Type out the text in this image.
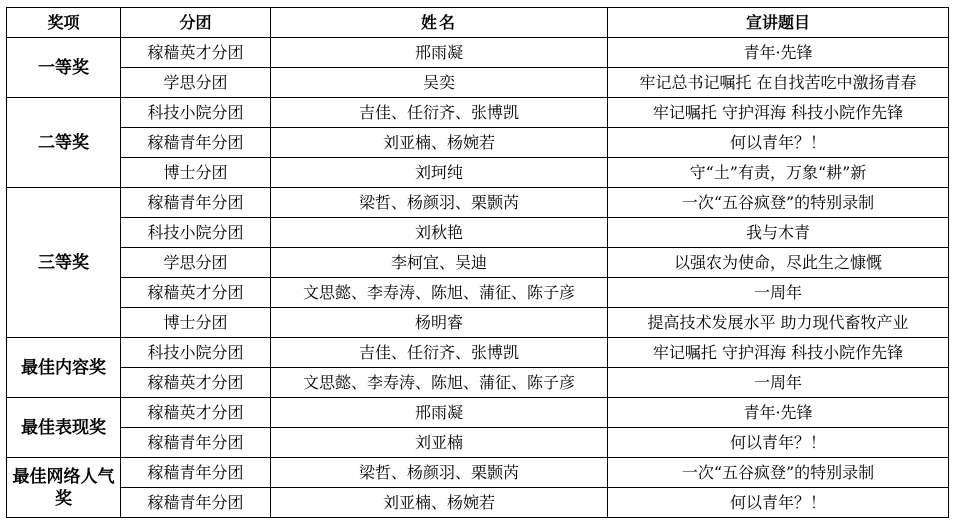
奖项	分团	姓名	宣讲题目
一等奖	稼穑英才分团	邢雨凝	青年·先锋
	学思分团	吴奕	牢记总书记嘱托 在自找苦吃中激扬青春
二等奖	科技小院分团	吉佳、任衍齐、张博凯	牢记嘱托 守护洱海 科技小院作先锋
	稼穑青年分团	刘亚楠、杨婉若	何以青年？！
	博士分团	刘珂纯	守“土”有责，万象“耕”新
三等奖	稼穑青年分团	梁哲、杨颜羽、栗颢芮	一次“五谷疯登”的特别录制
	科技小院分团	刘秋艳	我与木青
	学思分团	李柯宜、吴迪	以强农为使命，尽此生之慷慨
	稼穑英才分团	文思懿、李寿涛、陈旭、蒲征、陈子彦	一周年
	博士分团	杨明睿	提高技术发展水平 助力现代畜牧产业
最佳内容奖	科技小院分团	吉佳、任衍齐、张博凯	牢记嘱托 守护洱海 科技小院作先锋
	稼穑英才分团	文思懿、李寿涛、陈旭、蒲征、陈子彦	一周年
最佳表现奖	稼穑英才分团	邢雨凝	青年·先锋
	稼穑青年分团	刘亚楠	何以青年？！
最佳网络人气奖	稼穑青年分团	梁哲、杨颜羽、栗颢芮	一次“五谷疯登”的特别录制
	稼穑青年分团	刘亚楠、杨婉若	何以青年？！
